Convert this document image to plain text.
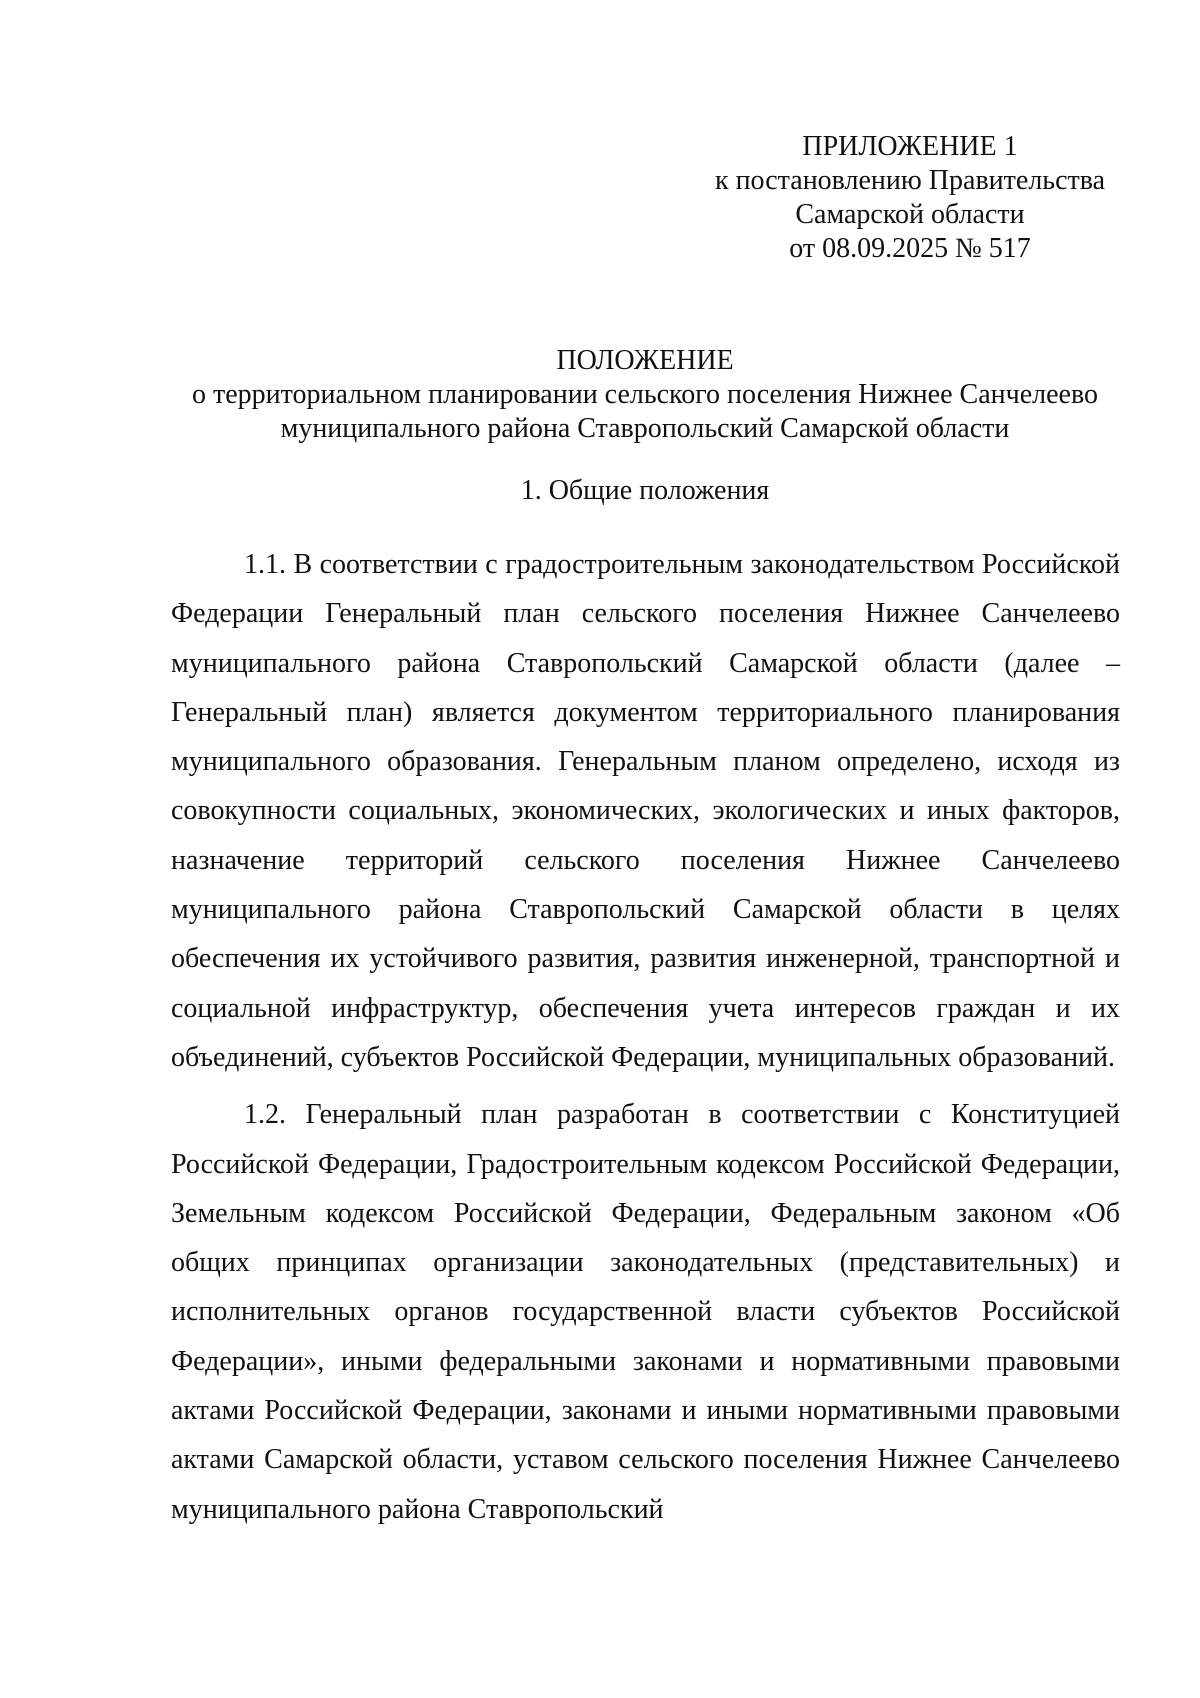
ПРИЛОЖЕНИЕ 1
к постановлению Правительства
Самарской области
от 08.09.2025 № 517
ПОЛОЖЕНИЕ
о территориальном планировании сельского поселения Нижнее Санчелеево
муниципального района Ставропольский Самарской области
1. Общие положения

1.1. В соответствии с градостроительным законодательством Российской Федерации Генеральный план сельского поселения Нижнее Санчелеево муниципального района Ставропольский Самарской области (далее – Генеральный план) является документом территориального планирования муниципального образования. Генеральным планом определено, исходя из совокупности социальных, экономических, экологических и иных факторов, назначение территорий сельского поселения Нижнее Санчелеево муниципального района Ставропольский Самарской области в целях обеспечения их устойчивого развития, развития инженерной, транспортной и социальной инфраструктур, обеспечения учета интересов граждан и их объединений, субъектов Российской Федерации, муниципальных образований.

1.2. Генеральный план разработан в соответствии с Конституцией Российской Федерации, Градостроительным кодексом Российской Федерации, Земельным кодексом Российской Федерации, Федеральным законом «Об общих принципах организации законодательных (представительных) и исполнительных органов государственной власти субъектов Российской Федерации», иными федеральными законами и нормативными правовыми актами Российской Федерации, законами и иными нормативными правовыми актами Самарской области, уставом сельского поселения Нижнее Санчелеево муниципального района Ставропольский
